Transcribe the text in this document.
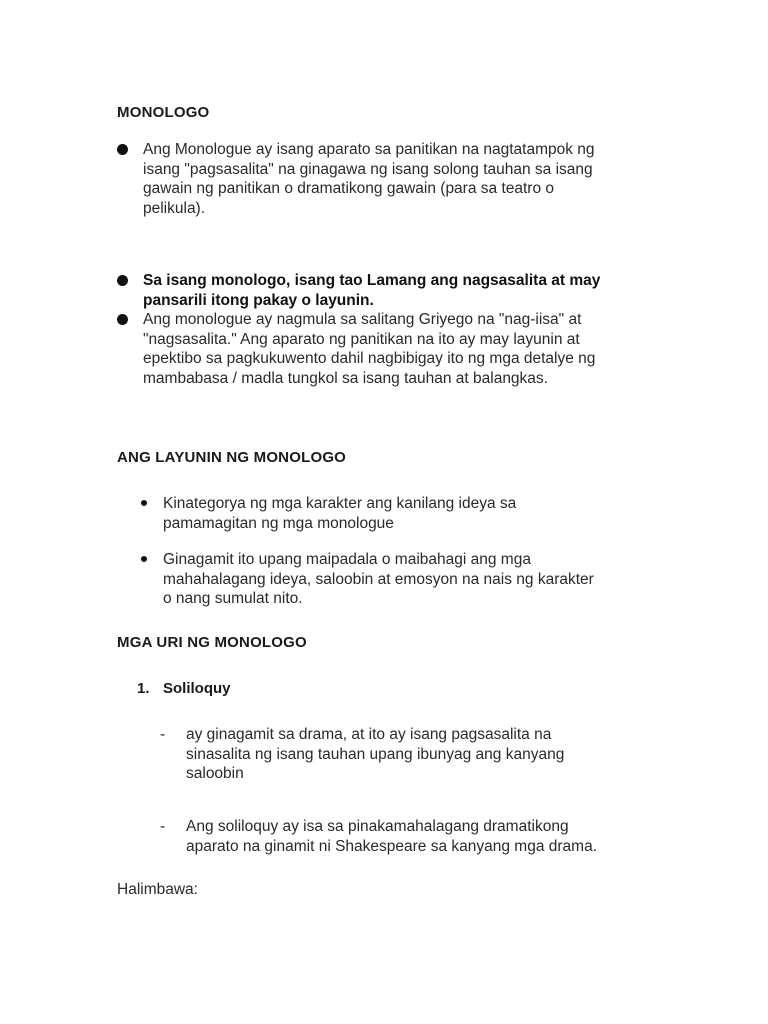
MONOLOGO
Ang Monologue ay isang aparato sa panitikan na nagtatampok ng
isang "pagsasalita" na ginagawa ng isang solong tauhan sa isang
gawain ng panitikan o dramatikong gawain (para sa teatro o
pelikula).
Sa isang monologo, isang tao Lamang ang nagsasalita at may
pansarili itong pakay o layunin.
Ang monologue ay nagmula sa salitang Griyego na "nag-iisa" at
"nagsasalita." Ang aparato ng panitikan na ito ay may layunin at
epektibo sa pagkukuwento dahil nagbibigay ito ng mga detalye ng
mambabasa / madla tungkol sa isang tauhan at balangkas.
ANG LAYUNIN NG MONOLOGO
Kinategorya ng mga karakter ang kanilang ideya sa
pamamagitan ng mga monologue
Ginagamit ito upang maipadala o maibahagi ang mga
mahahalagang ideya, saloobin at emosyon na nais ng karakter
o nang sumulat nito.
MGA URI NG MONOLOGO
1. Soliloquy
- ay ginagamit sa drama, at ito ay isang pagsasalita na
sinasalita ng isang tauhan upang ibunyag ang kanyang
saloobin
- Ang soliloquy ay isa sa pinakamahalagang dramatikong
aparato na ginamit ni Shakespeare sa kanyang mga drama.
Halimbawa:
